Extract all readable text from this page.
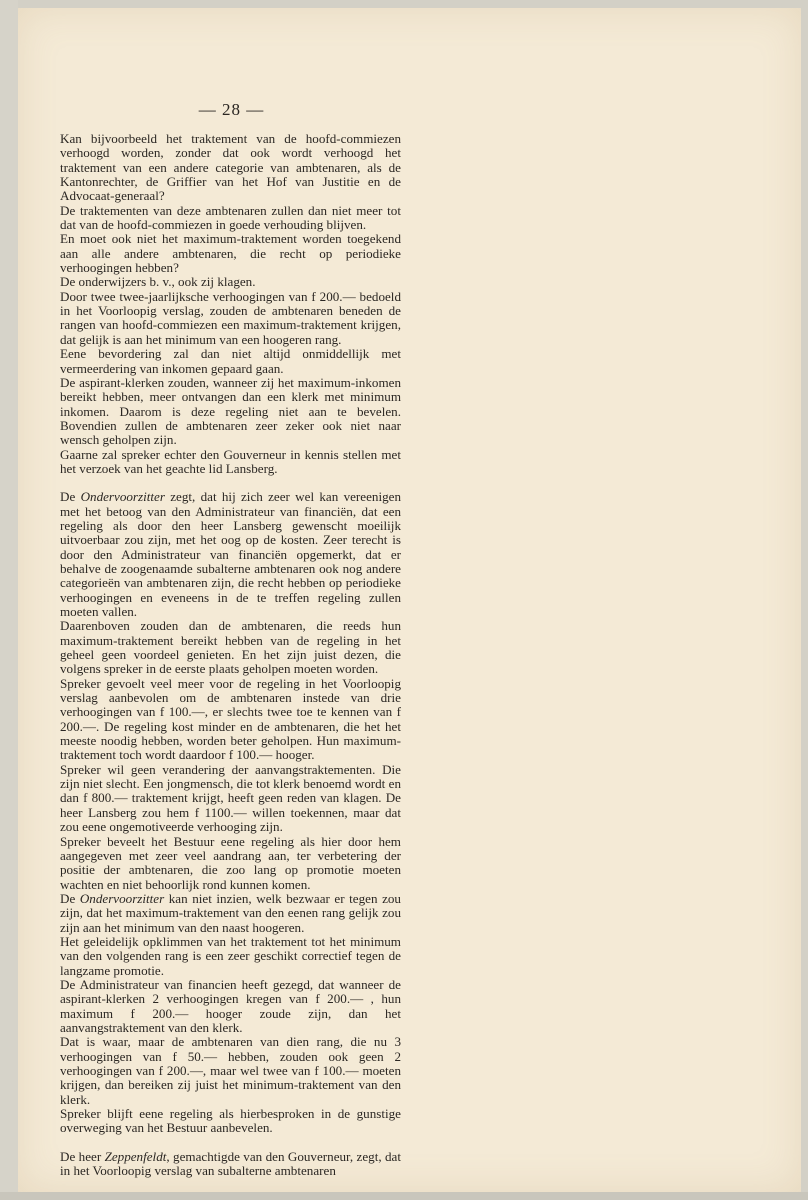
— 28 —

Kan bijvoorbeeld het traktement van de hoofd-commiezen verhoogd worden, zonder dat ook wordt verhoogd het traktement van een andere categorie van ambtenaren, als de Kantonrechter, de Griffier van het Hof van Justitie en de Advocaat-generaal?

De traktementen van deze ambtenaren zullen dan niet meer tot dat van de hoofd-commiezen in goede verhouding blijven.

En moet ook niet het maximum-traktement worden toegekend aan alle andere ambtenaren, die recht op periodieke verhoogingen hebben?

De onderwijzers b. v., ook zij klagen.

Door twee twee-jaarlijksche verhoogingen van f 200.— bedoeld in het Voorloopig verslag, zouden de ambtenaren beneden de rangen van hoofd-commiezen een maximum-traktement krijgen, dat gelijk is aan het minimum van een hoogeren rang.

Eene bevordering zal dan niet altijd onmiddellijk met vermeerdering van inkomen gepaard gaan.

De aspirant-klerken zouden, wanneer zij het maximum-inkomen bereikt hebben, meer ontvangen dan een klerk met minimum inkomen. Daarom is deze regeling niet aan te bevelen. Bovendien zullen de ambtenaren zeer zeker ook niet naar wensch geholpen zijn.

Gaarne zal spreker echter den Gouverneur in kennis stellen met het verzoek van het geachte lid Lansberg.

De Ondervoorzitter zegt, dat hij zich zeer wel kan vereenigen met het betoog van den Administrateur van financiën, dat een regeling als door den heer Lansberg gewenscht moeilijk uitvoerbaar zou zijn, met het oog op de kosten. Zeer terecht is door den Administrateur van financiën opgemerkt, dat er behalve de zoogenaamde subalterne ambtenaren ook nog andere categorieën van ambtenaren zijn, die recht hebben op periodieke verhoogingen en eveneens in de te treffen regeling zullen moeten vallen.

Daarenboven zouden dan de ambtenaren, die reeds hun maximum-traktement bereikt hebben van de regeling in het geheel geen voordeel genieten. En het zijn juist dezen, die volgens spreker in de eerste plaats geholpen moeten worden.

Spreker gevoelt veel meer voor de regeling in het Voorloopig verslag aanbevolen om de ambtenaren instede van drie verhoogingen van f 100.—, er slechts twee toe te kennen van f 200.—. De regeling kost minder en de ambtenaren, die het het meeste noodig hebben, worden beter geholpen. Hun maximum-traktement toch wordt daardoor f 100.— hooger.

Spreker wil geen verandering der aanvangstraktementen. Die zijn niet slecht. Een jongmensch, die tot klerk benoemd wordt en dan f 800.— traktement krijgt, heeft geen reden van klagen. De heer Lansberg zou hem f 1100.— willen toekennen, maar dat zou eene ongemotiveerde verhooging zijn.

Spreker beveelt het Bestuur eene regeling als hier door hem aangegeven met zeer veel aandrang aan, ter verbetering der positie der ambtenaren, die zoo lang op promotie moeten wachten en niet behoorlijk rond kunnen komen.

De Ondervoorzitter kan niet inzien, welk bezwaar er tegen zou zijn, dat het maximum-traktement van den eenen rang gelijk zou zijn aan het minimum van den naast hoogeren.

Het geleidelijk opklimmen van het traktement tot het minimum van den volgenden rang is een zeer geschikt correctief tegen de langzame promotie.

De Administrateur van financien heeft gezegd, dat wanneer de aspirant-klerken 2 verhoogingen kregen van f 200.— , hun maximum f 200.— hooger zoude zijn, dan het aanvangstraktement van den klerk.

Dat is waar, maar de ambtenaren van dien rang, die nu 3 verhoogingen van f 50.— hebben, zouden ook geen 2 verhoogingen van f 200.—, maar wel twee van f 100.— moeten krijgen, dan bereiken zij juist het minimum-traktement van den klerk.

Spreker blijft eene regeling als hierbesproken in de gunstige overweging van het Bestuur aanbevelen.

De heer Zeppenfeldt, gemachtigde van den Gouverneur, zegt, dat in het Voorloopig verslag van subalterne ambtenaren
